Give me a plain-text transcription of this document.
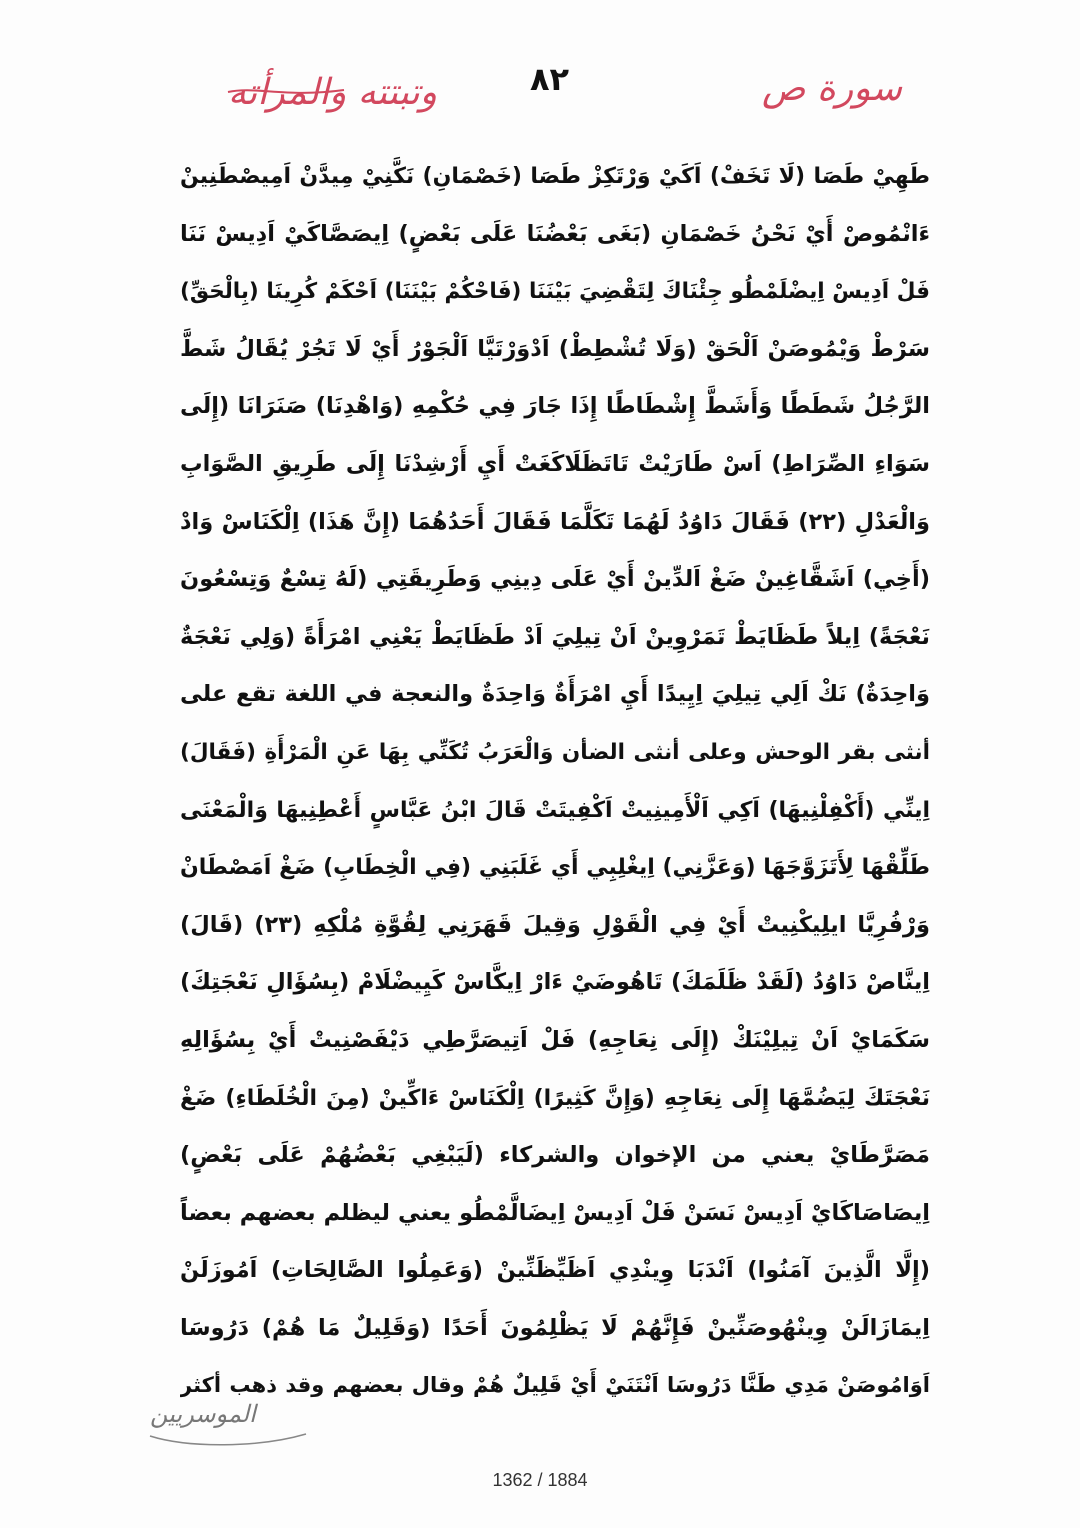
سورة ص
٨٢
وتبتته والمرأته
طَهِيْ طَصَا (لَا تَخَفْ) اَكَيْ وَرْتَكِزْ طَصَا (خَصْمَانِ) نَكَّنِيْ مِيدَّنْ اَمِيصْطَنِينْ
ءَانْمُوصْ أَيْ نَحْنُ خَصْمَانِ (بَغَى بَعْضُنَا عَلَى بَعْضٍ) اِيصَصَّاكَيْ اَدِيسْ نَنَا
فَلْ اَدِيسْ اِيضْلَمْطُو جِئْنَاكَ لِتَقْضِيَ بَيْنَنَا (فَاحْكُمْ بَيْنَنَا) اَحْكَمْ كُرِينَا (بِالْحَقِّ)
سَرْطْ وَيْمُوصَنْ اَلْحَقْ (وَلَا تُشْطِطْ) اَدْوَرْتَيَّا اَلْجَوْرُ أَيْ لَا تَجُرْ يُقَالُ شَطَّ
الرَّجُلُ شَطَطًا وَأَشَطَّ إِشْطَاطًا إِذَا جَارَ فِي حُكْمِهِ (وَاهْدِنَا) صَنَرَانَا (إِلَى
سَوَاءِ الصِّرَاطِ) اَسْ طَارَيْتْ تَاتَظَلَاكَغَتْ أَيِ أَرْشِدْنَا إِلَى طَرِيقِ الصَّوَابِ
وَالْعَدْلِ (٢٢) فَقَالَ دَاوُدُ لَهُمَا تَكَلَّمَا فَقَالَ أَحَدُهُمَا (إِنَّ هَذَا) اِلْكَنَاسْ وَادْ
(أَخِي) اَشَقَّاغِينْ ضَغْ اَلدِّينْ أَيْ عَلَى دِينِي وَطَرِيقَتِي (لَهُ تِسْعٌ وَتِسْعُونَ
نَعْجَةً) اِيلاً طَظَايَطْ تَمَرْوِينْ اَنْ تِيلِيَ اَدْ طَظَايَطْ يَعْنِي امْرَأَةً (وَلِي نَعْجَةٌ
وَاحِدَةٌ) نَكْ اَلِي تِيلِيَ اِيِيدًا أَيِ امْرَأَةٌ وَاحِدَةٌ والنعجة في اللغة تقع على
أنثى بقر الوحش وعلى أنثى الضأن وَالْعَرَبُ تُكَنِّي بِهَا عَنِ الْمَرْأَةِ (فَقَالَ)
اِينِّي (أَكْفِلْنِيهَا) اَكِي اَلْأَمِينِيتْ اَكْفِيتَتْ قَالَ ابْنُ عَبَّاسٍ أَعْطِنِيهَا وَالْمَعْنَى
طَلِّقْهَا لِأَتَزَوَّجَهَا (وَعَزَّنِي) اِيغْلِبِي أَي غَلَبَنِي (فِي الْخِطَابِ) ضَغْ اَمَصْطَانْ
وَرْفُرِيَّا ايلِيكْنِيتْ أَيْ فِي الْقَوْلِ وَقِيلَ قَهَرَنِي لِقُوَّةِ مُلْكِهِ (٢٣) (قَالَ)
اِينَّاصْ دَاوُدُ (لَقَدْ ظَلَمَكَ) تَاهُوضَيْ ءَارْ اِيكَّاسْ كَيِيضْلَامْ (بِسُؤَالِ نَعْجَتِكَ)
سَكَمَايْ اَنْ تِيلِيْنَكْ (إِلَى نِعَاجِهِ) فَلْ اَتِيصَرَّطِي دَيْفَصْنِيتْ أَيْ بِسُؤَالِهِ
نَعْجَتَكَ لِيَضُمَّهَا إِلَى نِعَاجِهِ (وَإِنَّ كَثِيرًا) اِلْكَنَاسْ ءَاكِّينْ (مِنَ الْخُلَطَاءِ) ضَغْ
مَصَرَّطَايْ يعني من الإخوان والشركاء (لَيَبْغِي بَعْضُهُمْ عَلَى بَعْضٍ)
اِيصَاصَاكَايْ اَدِيسْ نَسَنْ فَلْ اَدِيسْ اِيضَالَّمْطُو يعني ليظلم بعضهم بعضاً
(إِلَّا الَّذِينَ آمَنُوا) اَنْدَبَا وِينْدِي اَظَيِّظَنِّينْ (وَعَمِلُوا الصَّالِحَاتِ) اَمُوزَلَنْ
اِيمَازَالَنْ وِينْهُوصَنِّينْ فَإِنَّهُمْ لَا يَظْلِمُونَ أَحَدًا (وَقَلِيلٌ مَا هُمْ) دَرُوسَا
اَوَامُوصَنْ مَدِي طَنَّا دَرُوسَا اَنْتَنَيْ أَيْ قَلِيلٌ هُمْ وقال بعضهم وقد ذهب أكثر
الموسريين
1362 / 1884
